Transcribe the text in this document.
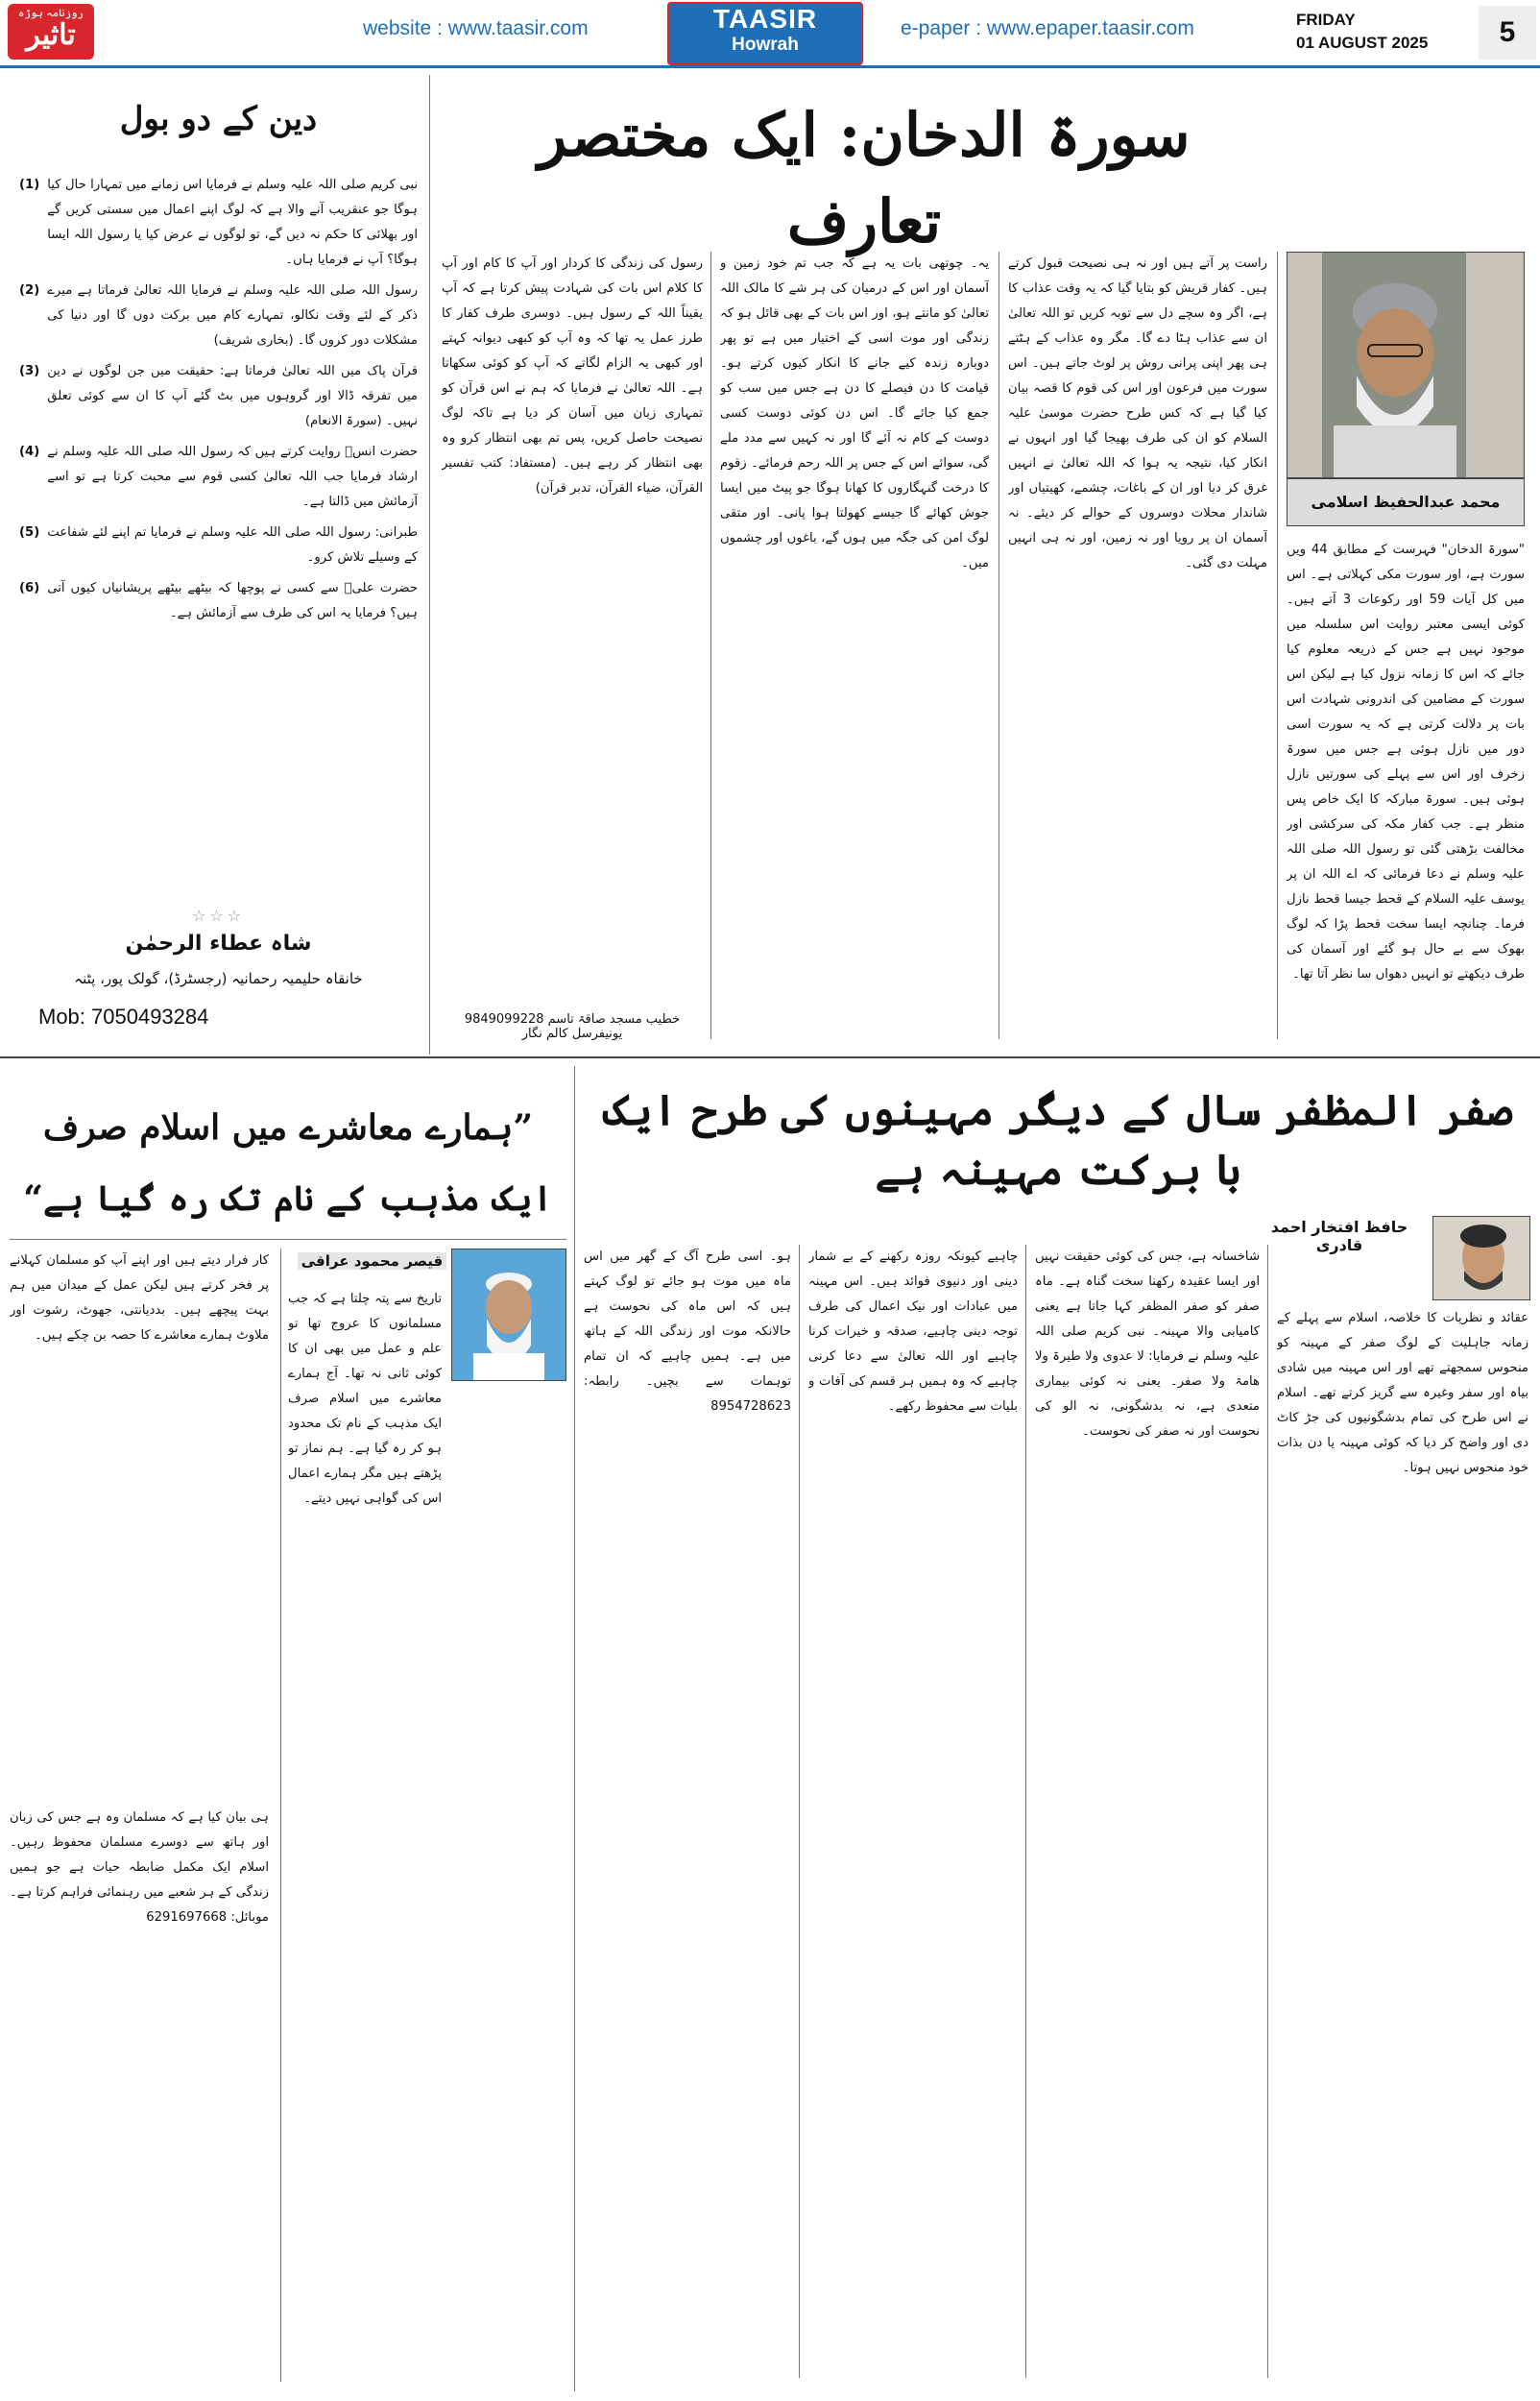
روزنامہ ہوڑہ
تاثیر	website : www.taasir.com	TAASIR
Howrah
e-paper : www.epaper.taasir.com	FRIDAY
01 AUGUST 2025	5
سورۃ الدخان: ایک مختصر تعارف
محمد عبدالحفیظ اسلامی
"سورۃ الدخان" فہرست کے مطابق 44 ویں سورت ہے، اور سورت مکی کہلاتی ہے۔ اس میں کل آیات 59 اور رکوعات 3 آتے ہیں۔ کوئی ایسی معتبر روایت اس سلسلہ میں موجود نہیں ہے جس کے ذریعہ معلوم کیا جائے کہ اس کا زمانہ نزول کیا ہے لیکن اس سورت کے مضامین کی اندرونی شہادت اس بات پر دلالت کرتی ہے کہ یہ سورت اسی دور میں نازل ہوئی ہے جس میں سورۃ زخرف اور اس سے پہلے کی سورتیں نازل ہوئی ہیں۔ سورۃ مبارکہ کا ایک خاص پس منظر ہے۔ جب کفار مکہ کی سرکشی اور مخالفت بڑھتی گئی تو رسول اللہ صلی اللہ علیہ وسلم نے دعا فرمائی کہ اے اللہ ان پر یوسف علیہ السلام کے قحط جیسا قحط نازل فرما۔ چنانچہ ایسا سخت قحط پڑا کہ لوگ بھوک سے بے حال ہو گئے اور آسمان کی طرف دیکھتے تو انہیں دھواں سا نظر آتا تھا۔
راست پر آتے ہیں اور نہ ہی نصیحت قبول کرتے ہیں۔ کفار قریش کو بتایا گیا کہ یہ وقت عذاب کا ہے، اگر وہ سچے دل سے توبہ کریں تو اللہ تعالیٰ ان سے عذاب ہٹا دے گا۔ مگر وہ عذاب کے ہٹتے ہی پھر اپنی پرانی روش پر لوٹ جاتے ہیں۔ اس سورت میں فرعون اور اس کی قوم کا قصہ بیان کیا گیا ہے کہ کس طرح حضرت موسیٰ علیہ السلام کو ان کی طرف بھیجا گیا اور انہوں نے انکار کیا، نتیجہ یہ ہوا کہ اللہ تعالیٰ نے انہیں غرق کر دیا اور ان کے باغات، چشمے، کھیتیاں اور شاندار محلات دوسروں کے حوالے کر دیئے۔ نہ آسمان ان پر رویا اور نہ زمین، اور نہ ہی انہیں مہلت دی گئی۔
یہ۔ چوتھی بات یہ ہے کہ جب تم خود زمین و آسمان اور اس کے درمیان کی ہر شے کا مالک اللہ تعالیٰ کو مانتے ہو، اور اس بات کے بھی قائل ہو کہ زندگی اور موت اسی کے اختیار میں ہے تو پھر دوبارہ زندہ کیے جانے کا انکار کیوں کرتے ہو۔ قیامت کا دن فیصلے کا دن ہے جس میں سب کو جمع کیا جائے گا۔ اس دن کوئی دوست کسی دوست کے کام نہ آئے گا اور نہ کہیں سے مدد ملے گی، سوائے اس کے جس پر اللہ رحم فرمائے۔ زقوم کا درخت گنہگاروں کا کھانا ہوگا جو پیٹ میں ایسا جوش کھائے گا جیسے کھولتا ہوا پانی۔ اور متقی لوگ امن کی جگہ میں ہوں گے، باغوں اور چشموں میں۔
رسول کی زندگی کا کردار اور آپ کا کام اور آپ کا کلام اس بات کی شہادت پیش کرتا ہے کہ آپ یقیناً اللہ کے رسول ہیں۔ دوسری طرف کفار کا طرز عمل یہ تھا کہ وہ آپ کو کبھی دیوانہ کہتے اور کبھی یہ الزام لگاتے کہ آپ کو کوئی سکھاتا ہے۔ اللہ تعالیٰ نے فرمایا کہ ہم نے اس قرآن کو تمہاری زبان میں آسان کر دیا ہے تاکہ لوگ نصیحت حاصل کریں، پس تم بھی انتظار کرو وہ بھی انتظار کر رہے ہیں۔ (مستفاد: کتب تفسیر القرآن، ضیاء القرآن، تدبر قرآن)
9849099228 خطیب مسجد صاقۃ تاسم یونیفرسل کالم نگار
دین کے دو بول
(1) نبی کریم صلی اللہ علیہ وسلم نے فرمایا اس زمانے میں تمہارا حال کیا ہوگا جو عنقریب آنے والا ہے کہ لوگ اپنے اعمال میں سستی کریں گے اور بھلائی کا حکم نہ دیں گے، تو لوگوں نے عرض کیا یا رسول اللہ ایسا ہوگا؟ آپ نے فرمایا ہاں۔
(2) رسول اللہ صلی اللہ علیہ وسلم نے فرمایا اللہ تعالیٰ فرماتا ہے میرے ذکر کے لئے وقت نکالو، تمہارے کام میں برکت دوں گا اور دنیا کی مشکلات دور کروں گا۔ (بخاری شریف)
(3) قرآن پاک میں اللہ تعالیٰ فرماتا ہے: حقیقت میں جن لوگوں نے دین میں تفرقہ ڈالا اور گروہوں میں بٹ گئے آپ کا ان سے کوئی تعلق نہیں۔ (سورۃ الانعام)
(4) حضرت انسؓ روایت کرتے ہیں کہ رسول اللہ صلی اللہ علیہ وسلم نے ارشاد فرمایا جب اللہ تعالیٰ کسی قوم سے محبت کرتا ہے تو اسے آزمائش میں ڈالتا ہے۔
(5) طبرانی: رسول اللہ صلی اللہ علیہ وسلم نے فرمایا تم اپنے لئے شفاعت کے وسیلے تلاش کرو۔
(6) حضرت علیؓ سے کسی نے پوچھا کہ بیٹھے بیٹھے پریشانیاں کیوں آتی ہیں؟ فرمایا یہ اس کی طرف سے آزمائش ہے۔
☆☆☆
شاہ عطاء الرحمٰن
خانقاہ حلیمیہ رحمانیہ (رجسٹرڈ)، گولک پور، پٹنہ
Mob: 7050493284
صفر المظفر سال کے دیگر مہینوں کی طرح ایک با برکت مہینہ ہے
حافظ افتخار احمد قادری
عقائد و نظریات کا خلاصہ، اسلام سے پہلے کے زمانہ جاہلیت کے لوگ صفر کے مہینہ کو منحوس سمجھتے تھے اور اس مہینہ میں شادی بیاہ اور سفر وغیرہ سے گریز کرتے تھے۔ اسلام نے اس طرح کی تمام بدشگونیوں کی جڑ کاٹ دی اور واضح کر دیا کہ کوئی مہینہ یا دن بذات خود منحوس نہیں ہوتا۔
شاخسانہ ہے، جس کی کوئی حقیقت نہیں اور ایسا عقیدہ رکھنا سخت گناہ ہے۔ ماہ صفر کو صفر المظفر کہا جاتا ہے یعنی کامیابی والا مہینہ۔ نبی کریم صلی اللہ علیہ وسلم نے فرمایا: لا عدوی ولا طیرۃ ولا ھامۃ ولا صفر۔ یعنی نہ کوئی بیماری متعدی ہے، نہ بدشگونی، نہ الو کی نحوست اور نہ صفر کی نحوست۔
چاہیے کیونکہ روزہ رکھنے کے بے شمار دینی اور دنیوی فوائد ہیں۔ اس مہینہ میں عبادات اور نیک اعمال کی طرف توجہ دینی چاہیے، صدقہ و خیرات کرنا چاہیے اور اللہ تعالیٰ سے دعا کرنی چاہیے کہ وہ ہمیں ہر قسم کی آفات و بلیات سے محفوظ رکھے۔
ہو۔ اسی طرح آگ کے گھر میں اس ماہ میں موت ہو جائے تو لوگ کہتے ہیں کہ اس ماہ کی نحوست ہے حالانکہ موت اور زندگی اللہ کے ہاتھ میں ہے۔ ہمیں چاہیے کہ ان تمام توہمات سے بچیں۔ رابطہ: 8954728623
”ہمارے معاشرے میں اسلام صرف
ایک مذہب کے نام تک رہ گیا ہے“
قیصر محمود عراقی
تاریخ سے پتہ چلتا ہے کہ جب مسلمانوں کا عروج تھا تو علم و عمل میں بھی ان کا کوئی ثانی نہ تھا۔ آج ہمارے معاشرے میں اسلام صرف ایک مذہب کے نام تک محدود ہو کر رہ گیا ہے۔ ہم نماز تو پڑھتے ہیں مگر ہمارے اعمال اس کی گواہی نہیں دیتے۔
کار فرار دیتے ہیں اور اپنے آپ کو مسلمان کہلانے پر فخر کرتے ہیں لیکن عمل کے میدان میں ہم بہت پیچھے ہیں۔ بددیانتی، جھوٹ، رشوت اور ملاوٹ ہمارے معاشرے کا حصہ بن چکے ہیں۔
ہی بیان کیا ہے کہ مسلمان وہ ہے جس کی زبان اور ہاتھ سے دوسرے مسلمان محفوظ رہیں۔ اسلام ایک مکمل ضابطہ حیات ہے جو ہمیں زندگی کے ہر شعبے میں رہنمائی فراہم کرتا ہے۔ موبائل: 6291697668
